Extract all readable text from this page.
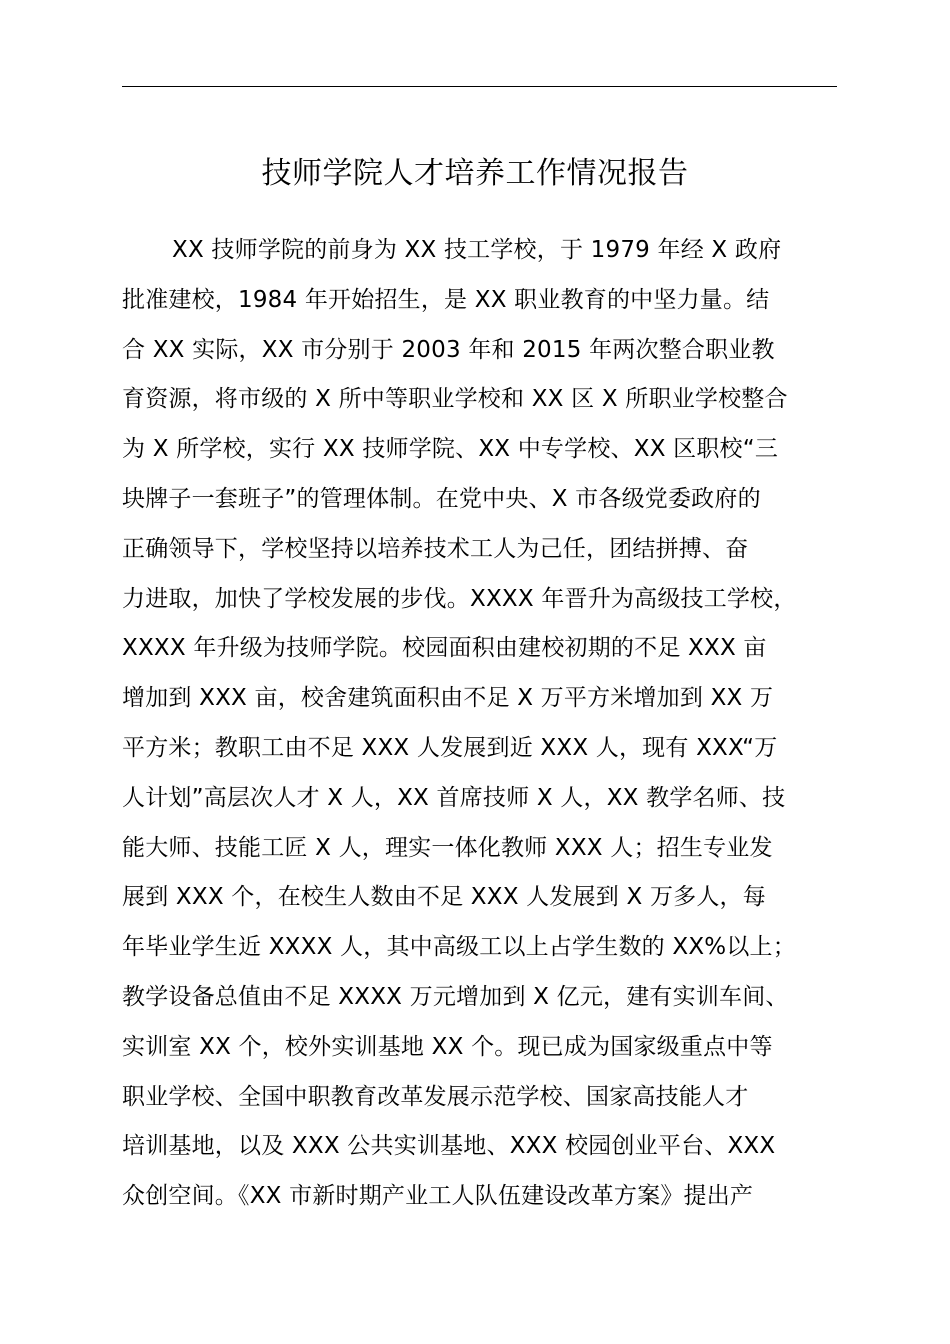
技师学院人才培养工作情况报告
XX 技师学院的前身为 XX 技工学校，于 1979 年经 X 政府
批准建校，1984 年开始招生，是 XX 职业教育的中坚力量。结
合 XX 实际，XX 市分别于 2003 年和 2015 年两次整合职业教
育资源，将市级的 X 所中等职业学校和 XX 区 X 所职业学校整合
为 X 所学校，实行 XX 技师学院、XX 中专学校、XX 区职校“三
块牌子一套班子”的管理体制。在党中央、X 市各级党委政府的
正确领导下，学校坚持以培养技术工人为己任，团结拼搏、奋
力进取，加快了学校发展的步伐。XXXX 年晋升为高级技工学校，
XXXX 年升级为技师学院。校园面积由建校初期的不足 XXX 亩
增加到 XXX 亩，校舍建筑面积由不足 X 万平方米增加到 XX 万
平方米；教职工由不足 XXX 人发展到近 XXX 人，现有 XXX“万
人计划”高层次人才 X 人，XX 首席技师 X 人，XX 教学名师、技
能大师、技能工匠 X 人，理实一体化教师 XXX 人；招生专业发
展到 XXX 个，在校生人数由不足 XXX 人发展到 X 万多人，每
年毕业学生近 XXXX 人，其中高级工以上占学生数的 XX%以上；
教学设备总值由不足 XXXX 万元增加到 X 亿元，建有实训车间、
实训室 XX 个，校外实训基地 XX 个。现已成为国家级重点中等
职业学校、全国中职教育改革发展示范学校、国家高技能人才
培训基地，以及 XXX 公共实训基地、XXX 校园创业平台、XXX
众创空间。《XX 市新时期产业工人队伍建设改革方案》提出产
